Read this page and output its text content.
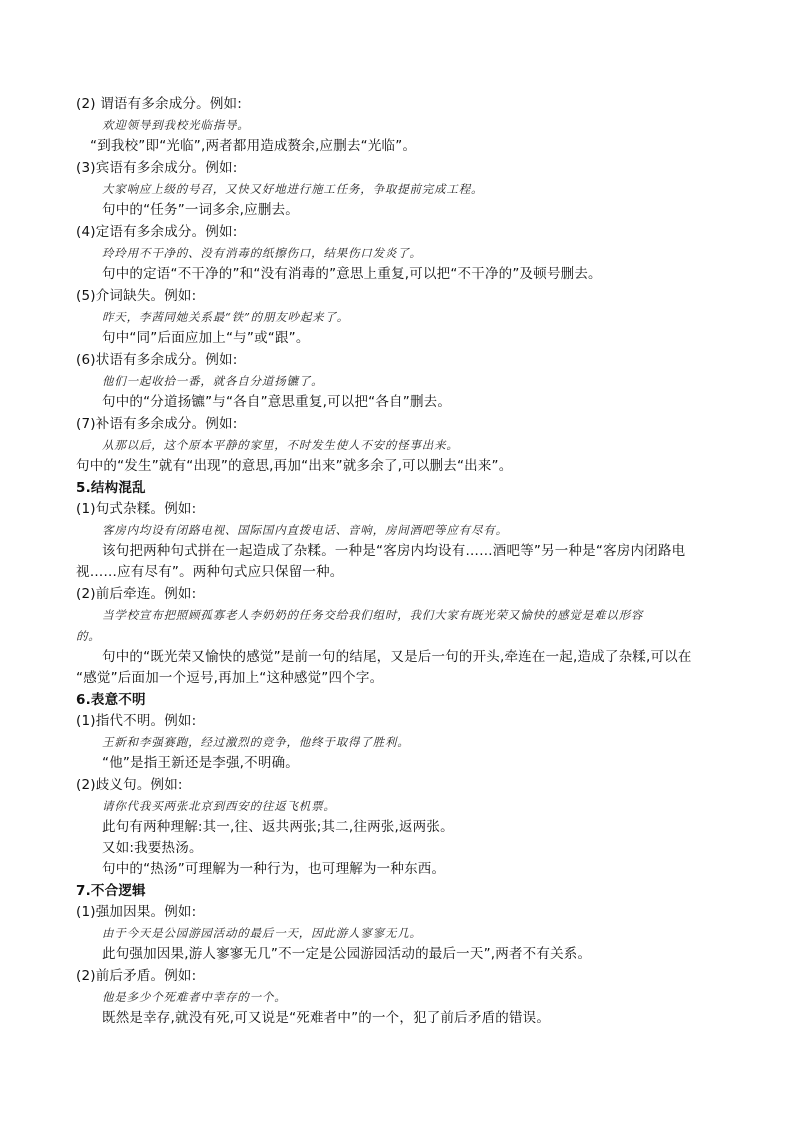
(2) 谓语有多余成分。例如:
欢迎领导到我校光临指导。
“到我校”即“光临”,两者都用造成赘余,应删去“光临”。
(3)宾语有多余成分。例如:
大家响应上级的号召，又快又好地进行施工任务，争取提前完成工程。
句中的“任务”一词多余,应删去。
(4)定语有多余成分。例如:
玲玲用不干净的、没有消毒的纸擦伤口，结果伤口发炎了。
句中的定语“不干净的”和“没有消毒的”意思上重复,可以把“不干净的”及顿号删去。
(5)介词缺失。例如:
昨天，李茜同她关系最“铁”的朋友吵起来了。
句中“同”后面应加上“与”或“跟”。
(6)状语有多余成分。例如:
他们一起收拾一番，就各自分道扬镳了。
句中的“分道扬镳”与“各自”意思重复,可以把“各自”删去。
(7)补语有多余成分。例如:
从那以后，这个原本平静的家里，不时发生使人不安的怪事出来。
句中的“发生”就有“出现”的意思,再加“出来”就多余了,可以删去“出来”。
5.结构混乱
(1)句式杂糅。例如:
客房内均设有闭路电视、国际国内直拨电话、音响，房间酒吧等应有尽有。
该句把两种句式拼在一起造成了杂糅。一种是“客房内均设有……酒吧等”另一种是“客房内闭路电
视……应有尽有”。两种句式应只保留一种。
(2)前后牵连。例如:
当学校宣布把照顾孤寡老人李奶奶的任务交给我们组时，我们大家有既光荣又愉快的感觉是难以形容
的。
句中的“既光荣又愉快的感觉”是前一句的结尾，又是后一句的开头,牵连在一起,造成了杂糅,可以在
“感觉”后面加一个逗号,再加上“这种感觉”四个字。
6.表意不明
(1)指代不明。例如:
王新和李强赛跑，经过激烈的竞争，他终于取得了胜利。
“他”是指王新还是李强,不明确。
(2)歧义句。例如:
请你代我买两张北京到西安的往返飞机票。
此句有两种理解:其一,往、返共两张;其二,往两张,返两张。
又如:我要热汤。
句中的“热汤”可理解为一种行为，也可理解为一种东西。
7.不合逻辑
(1)强加因果。例如:
由于今天是公园游园活动的最后一天，因此游人寥寥无几。
此句强加因果,游人寥寥无几”不一定是公园游园活动的最后一天”,两者不有关系。
(2)前后矛盾。例如:
他是多少个死难者中幸存的一个。
既然是幸存,就没有死,可又说是“死难者中”的一个，犯了前后矛盾的错误。
